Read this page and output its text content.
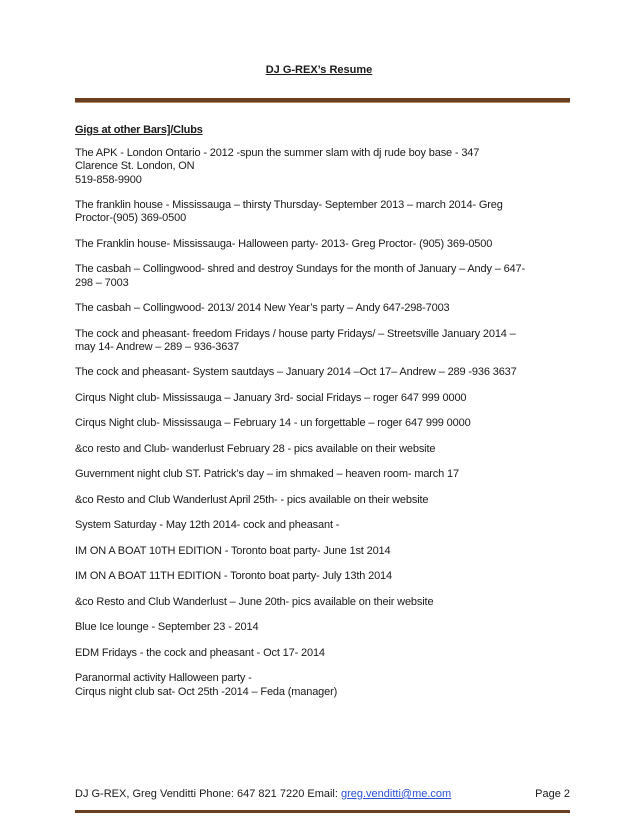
DJ G-REX’s Resume
Gigs at other Bars]/Clubs
The APK - London Ontario - 2012 -spun the summer slam with dj rude boy base - 347
Clarence St. London, ON
519-858-9900
The franklin house - Mississauga – thirsty Thursday- September 2013 – march 2014- Greg
Proctor-(905) 369-0500
The Franklin house- Mississauga- Halloween party- 2013- Greg Proctor- (905) 369-0500
The casbah – Collingwood- shred and destroy Sundays for the month of January – Andy – 647-
298 – 7003
The casbah – Collingwood- 2013/ 2014 New Year’s party – Andy 647-298-7003
The cock and pheasant- freedom Fridays / house party Fridays/ – Streetsville January 2014 –
may 14- Andrew – 289 – 936-3637
The cock and pheasant- System sautdays – January 2014 –Oct 17– Andrew – 289 -936 3637
Cirqus Night club- Mississauga – January 3rd- social Fridays – roger 647 999 0000
Cirqus Night club- Mississauga – February 14 - un forgettable – roger 647 999 0000
&co resto and Club- wanderlust February 28 - pics available on their website
Guvernment night club ST. Patrick’s day – im shmaked – heaven room- march 17
&co Resto and Club Wanderlust April 25th- - pics available on their website
System Saturday - May 12th 2014- cock and pheasant -
IM ON A BOAT 10TH EDITION - Toronto boat party- June 1st 2014
IM ON A BOAT 11TH EDITION - Toronto boat party- July 13th 2014
&co Resto and Club Wanderlust – June 20th- pics available on their website
Blue Ice lounge - September 23 - 2014
EDM Fridays - the cock and pheasant - Oct 17- 2014
Paranormal activity Halloween party -
Cirqus night club sat- Oct 25th -2014 – Feda (manager)
DJ G-REX, Greg Venditti Phone: 647 821 7220 Email: greg.venditti@me.com	Page 2
